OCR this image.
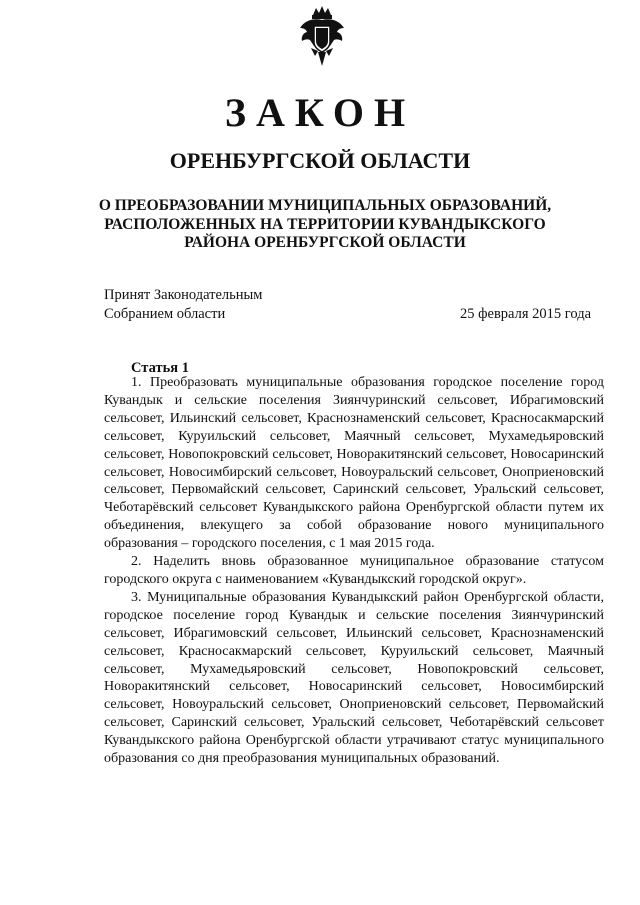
ЗАКОН
ОРЕНБУРГСКОЙ ОБЛАСТИ
О ПРЕОБРАЗОВАНИИ МУНИЦИПАЛЬНЫХ ОБРАЗОВАНИЙ,
РАСПОЛОЖЕННЫХ НА ТЕРРИТОРИИ КУВАНДЫКСКОГО
РАЙОНА ОРЕНБУРГСКОЙ ОБЛАСТИ
Принят Законодательным
Собранием области	25 февраля 2015 года
Статья 1

1. Преобразовать муниципальные образования городское поселение город Кувандык и сельские поселения Зиянчуринский сельсовет, Ибрагимовский сельсовет, Ильинский сельсовет, Краснознаменский сельсовет, Красносакмарский сельсовет, Куруильский сельсовет, Маячный сельсовет, Мухамедьяровский сельсовет, Новопокровский сельсовет, Новоракитянский сельсовет, Новосаринский сельсовет, Новосимбирский сельсовет, Новоуральский сельсовет, Оноприеновский сельсовет, Первомайский сельсовет, Саринский сельсовет, Уральский сельсовет, Чеботарёвский сельсовет Кувандыкского района Оренбургской области путем их объединения, влекущего за собой образование нового муниципального образования – городского поселения, с 1 мая 2015 года.

2. Наделить вновь образованное муниципальное образование статусом городского округа с наименованием «Кувандыкский городской округ».

3. Муниципальные образования Кувандыкский район Оренбургской области, городское поселение город Кувандык и сельские поселения Зиянчуринский сельсовет, Ибрагимовский сельсовет, Ильинский сельсовет, Краснознаменский сельсовет, Красносакмарский сельсовет, Куруильский сельсовет, Маячный сельсовет, Мухамедьяровский сельсовет, Новопокровский сельсовет, Новоракитянский сельсовет, Новосаринский сельсовет, Новосимбирский сельсовет, Новоуральский сельсовет, Оноприеновский сельсовет, Первомайский сельсовет, Саринский сельсовет, Уральский сельсовет, Чеботарёвский сельсовет Кувандыкского района Оренбургской области утрачивают статус муниципального образования со дня преобразования муниципальных образований.
